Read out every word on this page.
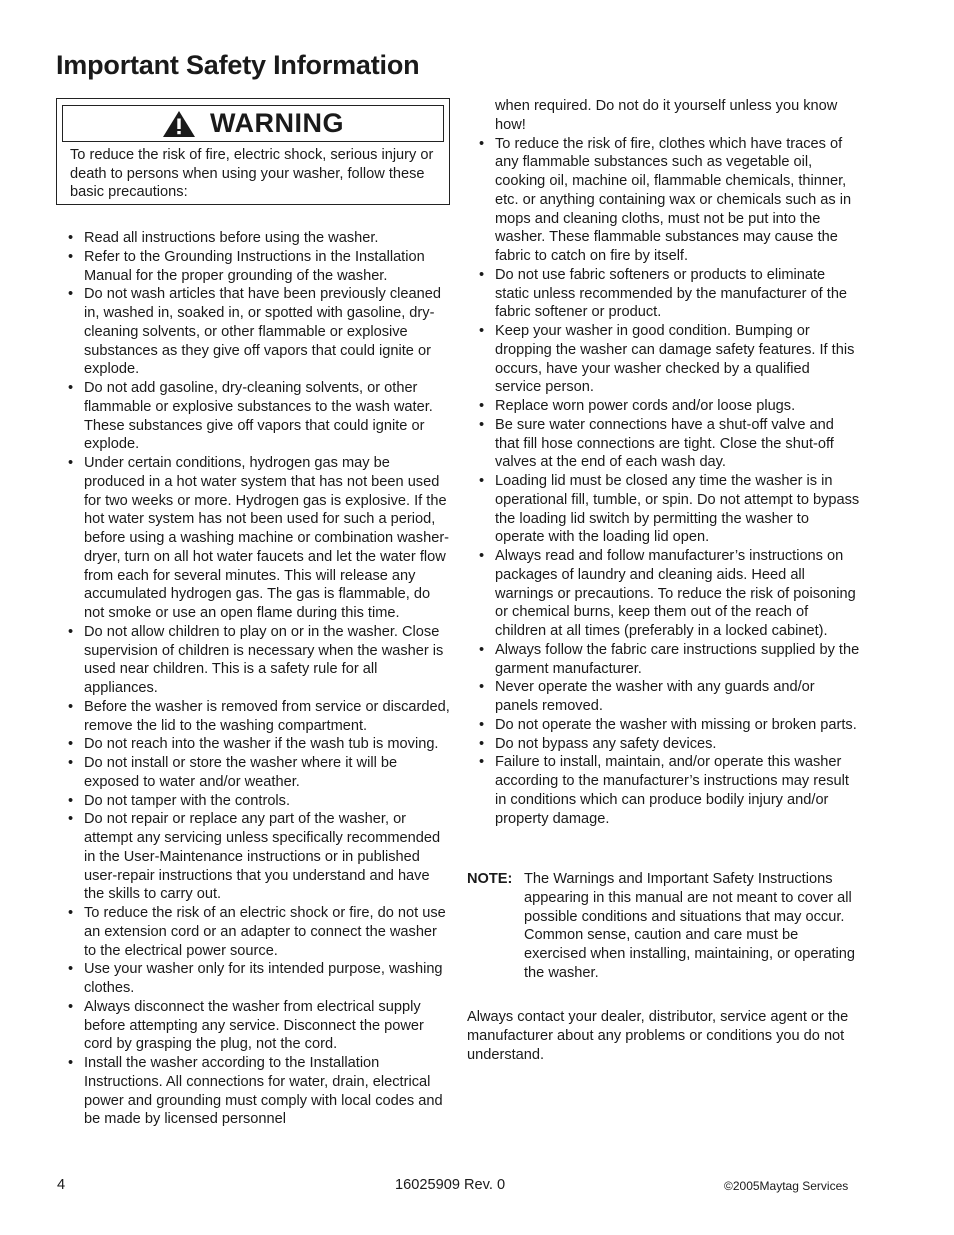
Important Safety Information
WARNING

To reduce the risk of fire, electric shock, serious injury or death to persons when using your washer, follow these basic precautions:

• Read all instructions before using the washer.
• Refer to the Grounding Instructions in the Installation Manual for the proper grounding of the washer.
• Do not wash articles that have been previously cleaned in, washed in, soaked in, or spotted with gasoline, dry-cleaning solvents, or other flammable or explosive substances as they give off vapors that could ignite or explode.
• Do not add gasoline, dry-cleaning solvents, or other flammable or explosive substances to the wash water. These substances give off vapors that could ignite or explode.
• Under certain conditions, hydrogen gas may be produced in a hot water system that has not been used for two weeks or more. Hydrogen gas is explosive. If the hot water system has not been used for such a period, before using a washing machine or combination washer-dryer, turn on all hot water faucets and let the water flow from each for several minutes. This will release any accumulated hydrogen gas. The gas is flammable, do not smoke or use an open flame during this time.
• Do not allow children to play on or in the washer. Close supervision of children is necessary when the washer is used near children. This is a safety rule for all appliances.
• Before the washer is removed from service or discarded, remove the lid to the washing compartment.
• Do not reach into the washer if the wash tub is moving.
• Do not install or store the washer where it will be exposed to water and/or weather.
• Do not tamper with the controls.
• Do not repair or replace any part of the washer, or attempt any servicing unless specifically recommended in the User-Maintenance instructions or in published user-repair instructions that you understand and have the skills to carry out.
• To reduce the risk of an electric shock or fire, do not use an extension cord or an adapter to connect the washer to the electrical power source.
• Use your washer only for its intended purpose, washing clothes.
• Always disconnect the washer from electrical supply before attempting any service. Disconnect the power cord by grasping the plug, not the cord.
• Install the washer according to the Installation Instructions. All connections for water, drain, electrical power and grounding must comply with local codes and be made by licensed personnel

when required. Do not do it yourself unless you know how!

• To reduce the risk of fire, clothes which have traces of any flammable substances such as vegetable oil, cooking oil, machine oil, flammable chemicals, thinner, etc. or anything containing wax or chemicals such as in mops and cleaning cloths, must not be put into the washer. These flammable substances may cause the fabric to catch on fire by itself.
• Do not use fabric softeners or products to eliminate static unless recommended by the manufacturer of the fabric softener or product.
• Keep your washer in good condition. Bumping or dropping the washer can damage safety features. If this occurs, have your washer checked by a qualified service person.
• Replace worn power cords and/or loose plugs.
• Be sure water connections have a shut-off valve and that fill hose connections are tight. Close the shut-off valves at the end of each wash day.
• Loading lid must be closed any time the washer is in operational fill, tumble, or spin. Do not attempt to bypass the loading lid switch by permitting the washer to operate with the loading lid open.
• Always read and follow manufacturer’s instructions on packages of laundry and cleaning aids. Heed all warnings or precautions. To reduce the risk of poisoning or chemical burns, keep them out of the reach of children at all times (preferably in a locked cabinet).
• Always follow the fabric care instructions supplied by the garment manufacturer.
• Never operate the washer with any guards and/or panels removed.
• Do not operate the washer with missing or broken parts.
• Do not bypass any safety devices.
• Failure to install, maintain, and/or operate this washer according to the manufacturer’s instructions may result in conditions which can produce bodily injury and/or property damage.
NOTE: The Warnings and Important Safety Instructions appearing in this manual are not meant to cover all possible conditions and situations that may occur. Common sense, caution and care must be exercised when installing, maintaining, or operating the washer.

Always contact your dealer, distributor, service agent or the manufacturer about any problems or conditions you do not understand.

4	16025909 Rev. 0	©2005Maytag Services
